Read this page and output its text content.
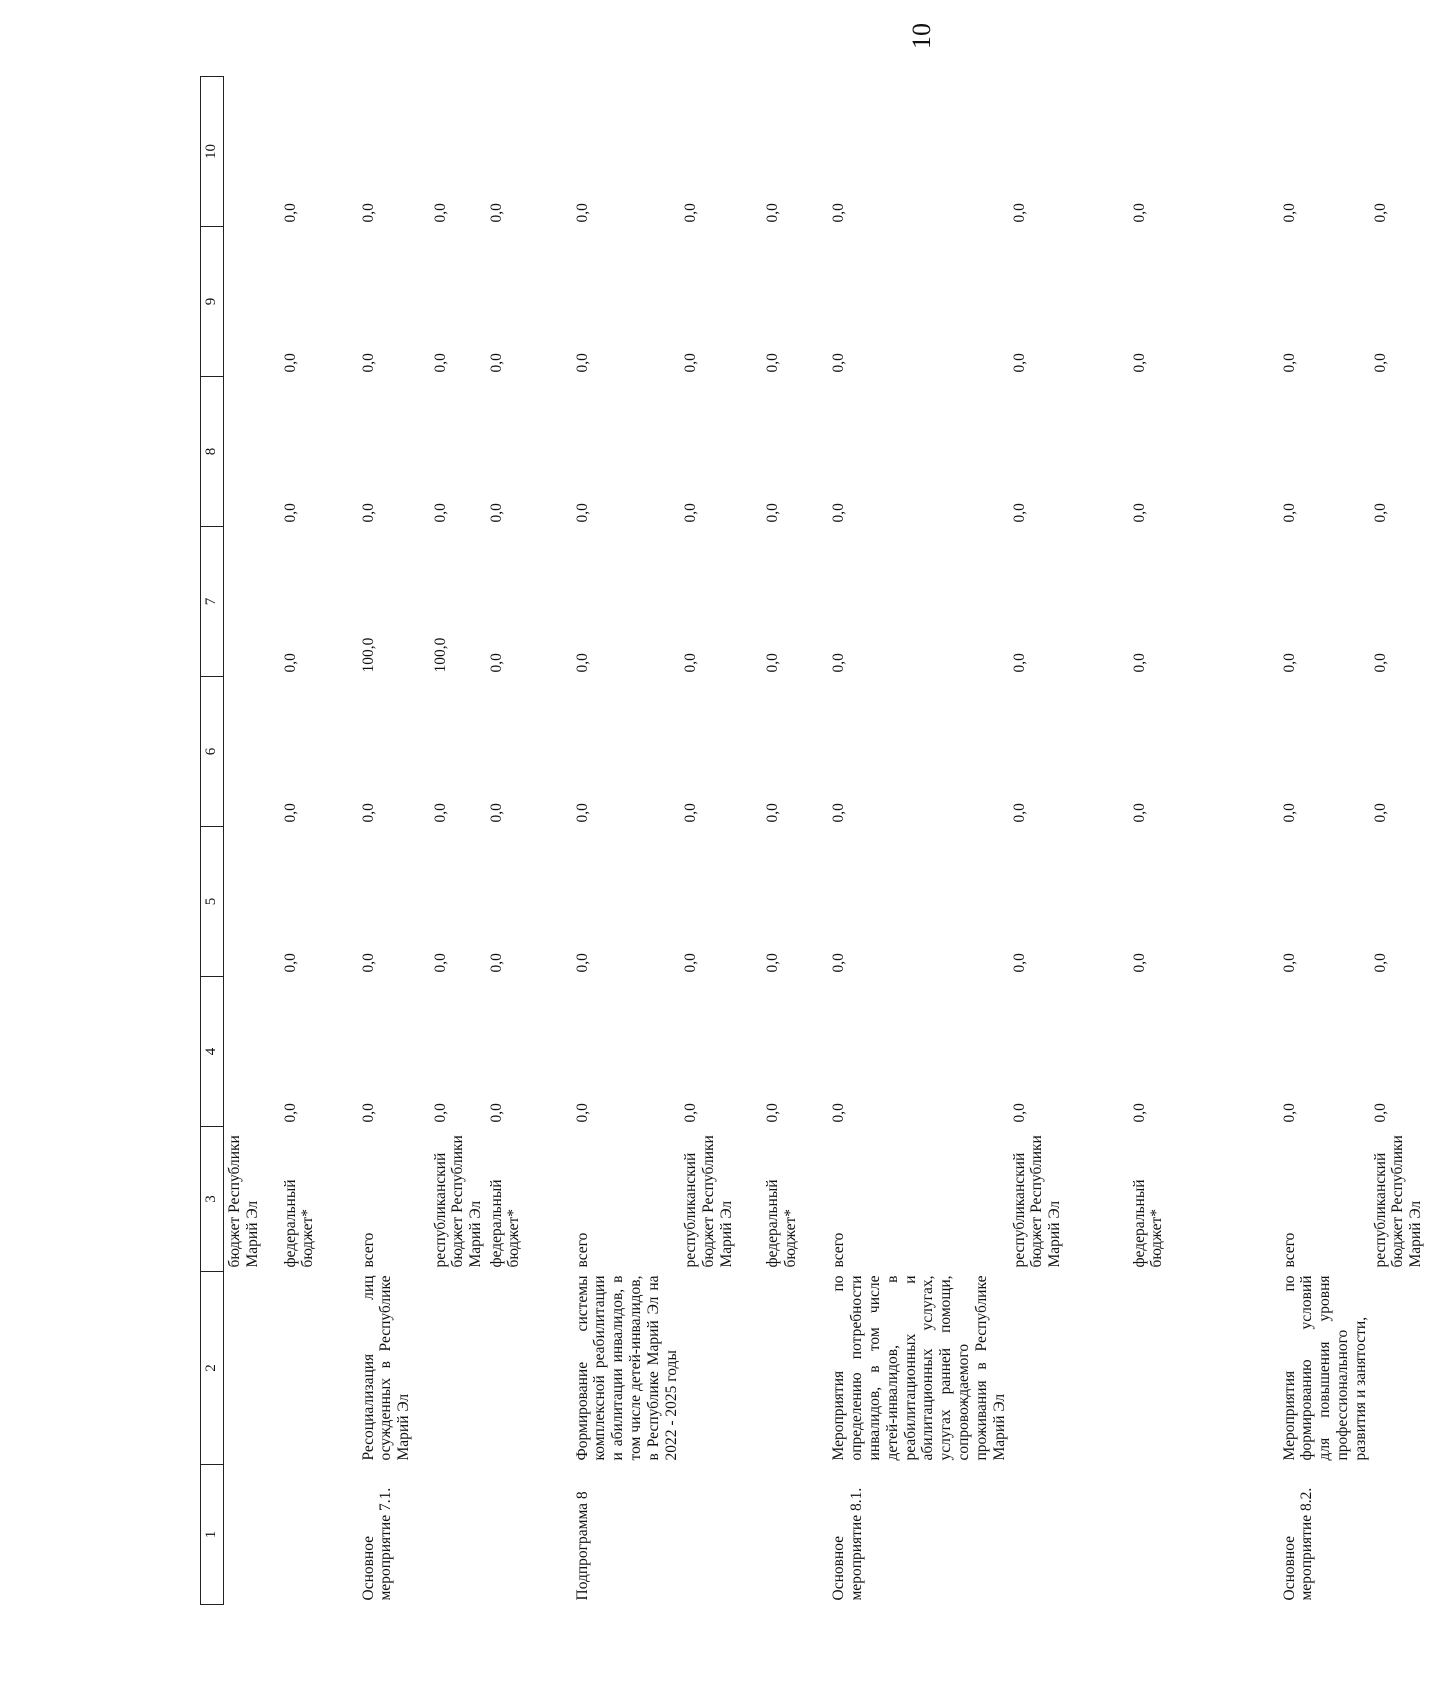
10
1	2	3	4	5	6	7	8	9	10
		бюджет Республики Марий Эл							
		федеральный бюджет*	0,0	0,0	0,0	0,0	0,0	0,0	0,0
Основное мероприятие 7.1.	Ресоциализация лиц осужденных в Республике Марий Эл	всего	0,0	0,0	0,0	100,0	0,0	0,0	0,0
		республиканский бюджет Республики Марий Эл	0,0	0,0	0,0	100,0	0,0	0,0	0,0
		федеральный бюджет*	0,0	0,0	0,0	0,0	0,0	0,0	0,0
Подпрограмма 8	Формирование системы комплексной реабилитации и абилитации инвалидов, в том числе детей-инвалидов, в Республике Марий Эл на 2022 - 2025 годы	всего	0,0	0,0	0,0	0,0	0,0	0,0	0,0
		республиканский бюджет Республики Марий Эл	0,0	0,0	0,0	0,0	0,0	0,0	0,0
		федеральный бюджет*	0,0	0,0	0,0	0,0	0,0	0,0	0,0
Основное мероприятие 8.1.	Мероприятия по определению потребности инвалидов, в том числе детей-инвалидов, в реабилитационных и абилитационных услугах, услугах ранней помощи, сопровождаемого проживания в Республике Марий Эл	всего	0,0	0,0	0,0	0,0	0,0	0,0	0,0
		республиканский бюджет Республики Марий Эл	0,0	0,0	0,0	0,0	0,0	0,0	0,0
		федеральный бюджет*	0,0	0,0	0,0	0,0	0,0	0,0	0,0
Основное мероприятие 8.2.	Мероприятия по формированию условий для повышения уровня профессионального развития и занятости,	всего	0,0	0,0	0,0	0,0	0,0	0,0	0,0
		республиканский бюджет Республики Марий Эл	0,0	0,0	0,0	0,0	0,0	0,0	0,0
